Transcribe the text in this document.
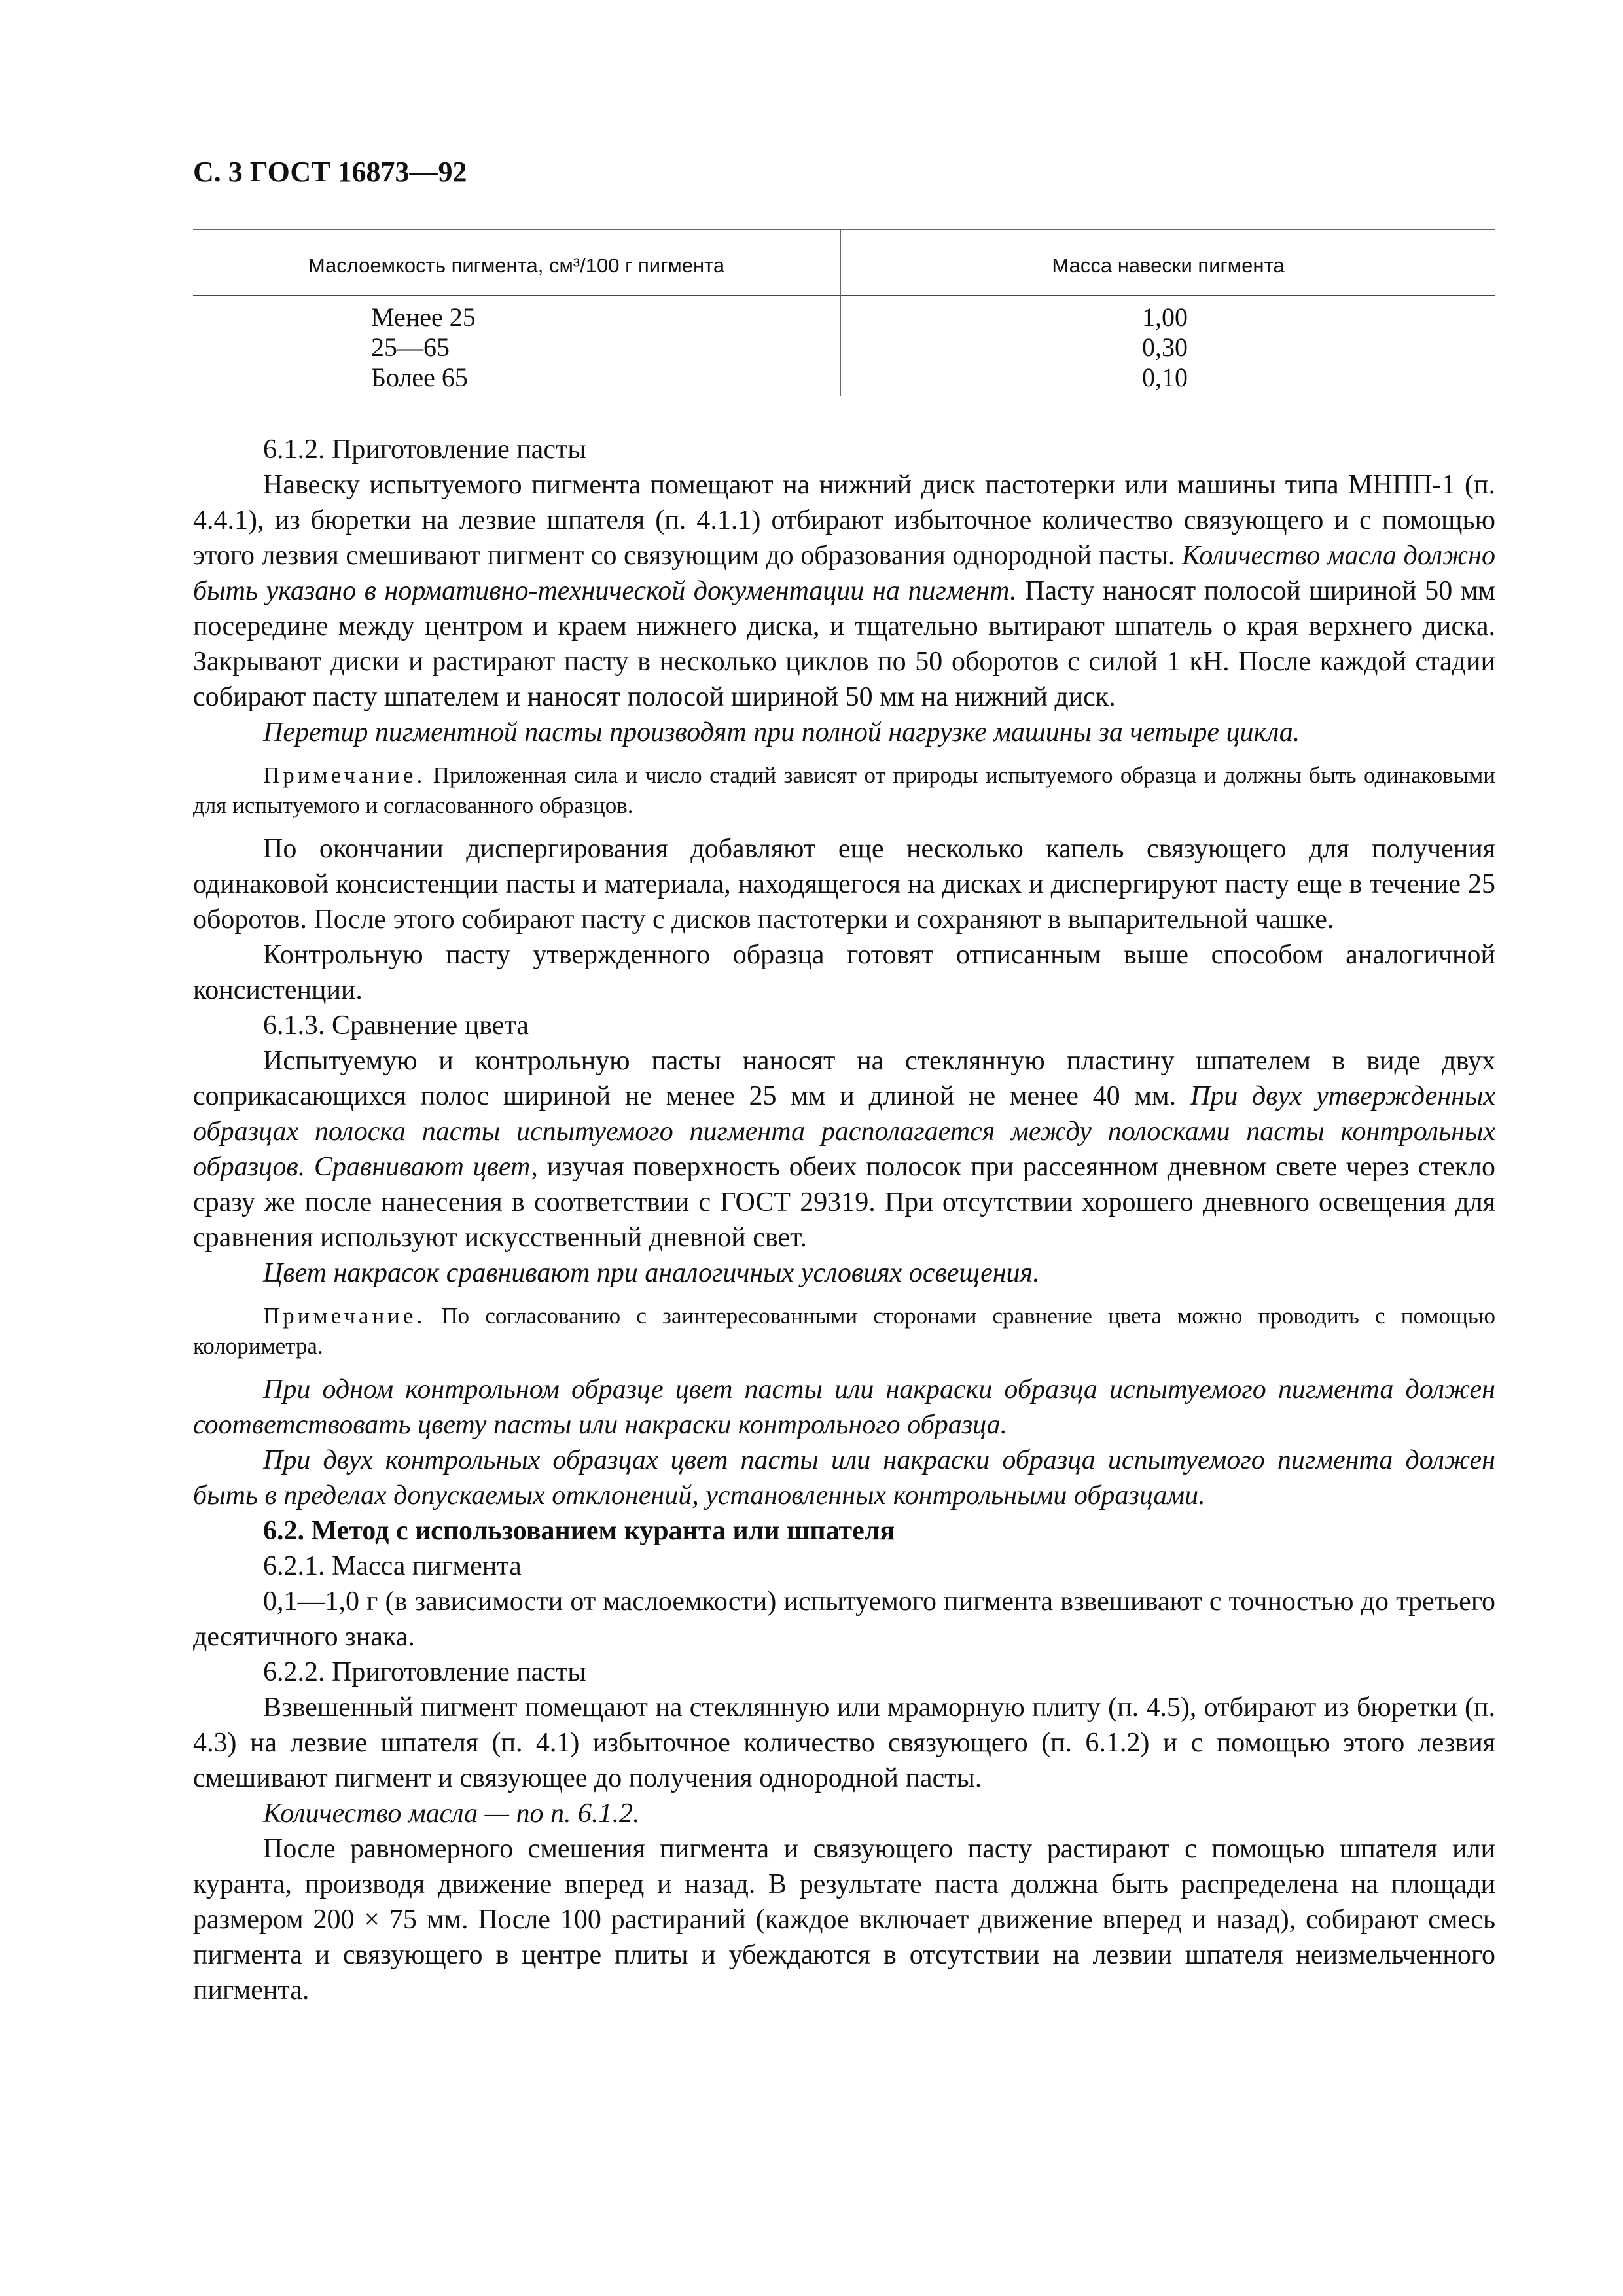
С. 3 ГОСТ 16873—92
Маслоемкость пигмента, см³/100 г пигмента	Масса навески пигмента
Менее 25
25—65
Более 65
1,00
0,30
0,10

6.1.2. Приготовление пасты

Навеску испытуемого пигмента помещают на нижний диск пастотерки или машины типа МНПП-1 (п. 4.4.1), из бюретки на лезвие шпателя (п. 4.1.1) отбирают избыточное количество связующего и с помощью этого лезвия смешивают пигмент со связующим до образования однородной пасты. Количество масла должно быть указано в нормативно-технической документации на пигмент. Пасту наносят полосой шириной 50 мм посередине между центром и краем нижнего диска, и тщательно вытирают шпатель о края верхнего диска. Закрывают диски и растирают пасту в несколько циклов по 50 оборотов с силой 1 кН. После каждой стадии собирают пасту шпателем и наносят полосой шириной 50 мм на нижний диск.

Перетир пигментной пасты производят при полной нагрузке машины за четыре цикла.

Примечание. Приложенная сила и число стадий зависят от природы испытуемого образца и должны быть одинаковыми для испытуемого и согласованного образцов.

По окончании диспергирования добавляют еще несколько капель связующего для получения одинаковой консистенции пасты и материала, находящегося на дисках и диспергируют пасту еще в течение 25 оборотов. После этого собирают пасту с дисков пастотерки и сохраняют в выпарительной чашке.

Контрольную пасту утвержденного образца готовят отписанным выше способом аналогичной консистенции.

6.1.3. Сравнение цвета

Испытуемую и контрольную пасты наносят на стеклянную пластину шпателем в виде двух соприкасающихся полос шириной не менее 25 мм и длиной не менее 40 мм. При двух утвержденных образцах полоска пасты испытуемого пигмента располагается между полосками пасты контрольных образцов. Сравнивают цвет, изучая поверхность обеих полосок при рассеянном дневном свете через стекло сразу же после нанесения в соответствии с ГОСТ 29319. При отсутствии хорошего дневного освещения для сравнения используют искусственный дневной свет.

Цвет накрасок сравнивают при аналогичных условиях освещения.

Примечание. По согласованию с заинтересованными сторонами сравнение цвета можно проводить с помощью колориметра.

При одном контрольном образце цвет пасты или накраски образца испытуемого пигмента должен соответствовать цвету пасты или накраски контрольного образца.

При двух контрольных образцах цвет пасты или накраски образца испытуемого пигмента должен быть в пределах допускаемых отклонений, установленных контрольными образцами.

6.2. Метод с использованием куранта или шпателя

6.2.1. Масса пигмента

0,1—1,0 г (в зависимости от маслоемкости) испытуемого пигмента взвешивают с точностью до третьего десятичного знака.

6.2.2. Приготовление пасты

Взвешенный пигмент помещают на стеклянную или мраморную плиту (п. 4.5), отбирают из бюретки (п. 4.3) на лезвие шпателя (п. 4.1) избыточное количество связующего (п. 6.1.2) и с помощью этого лезвия смешивают пигмент и связующее до получения однородной пасты.

Количество масла — по п. 6.1.2.

После равномерного смешения пигмента и связующего пасту растирают с помощью шпателя или куранта, производя движение вперед и назад. В результате паста должна быть распределена на площади размером 200 × 75 мм. После 100 растираний (каждое включает движение вперед и назад), собирают смесь пигмента и связующего в центре плиты и убеждаются в отсутствии на лезвии шпателя неизмельченного пигмента.
